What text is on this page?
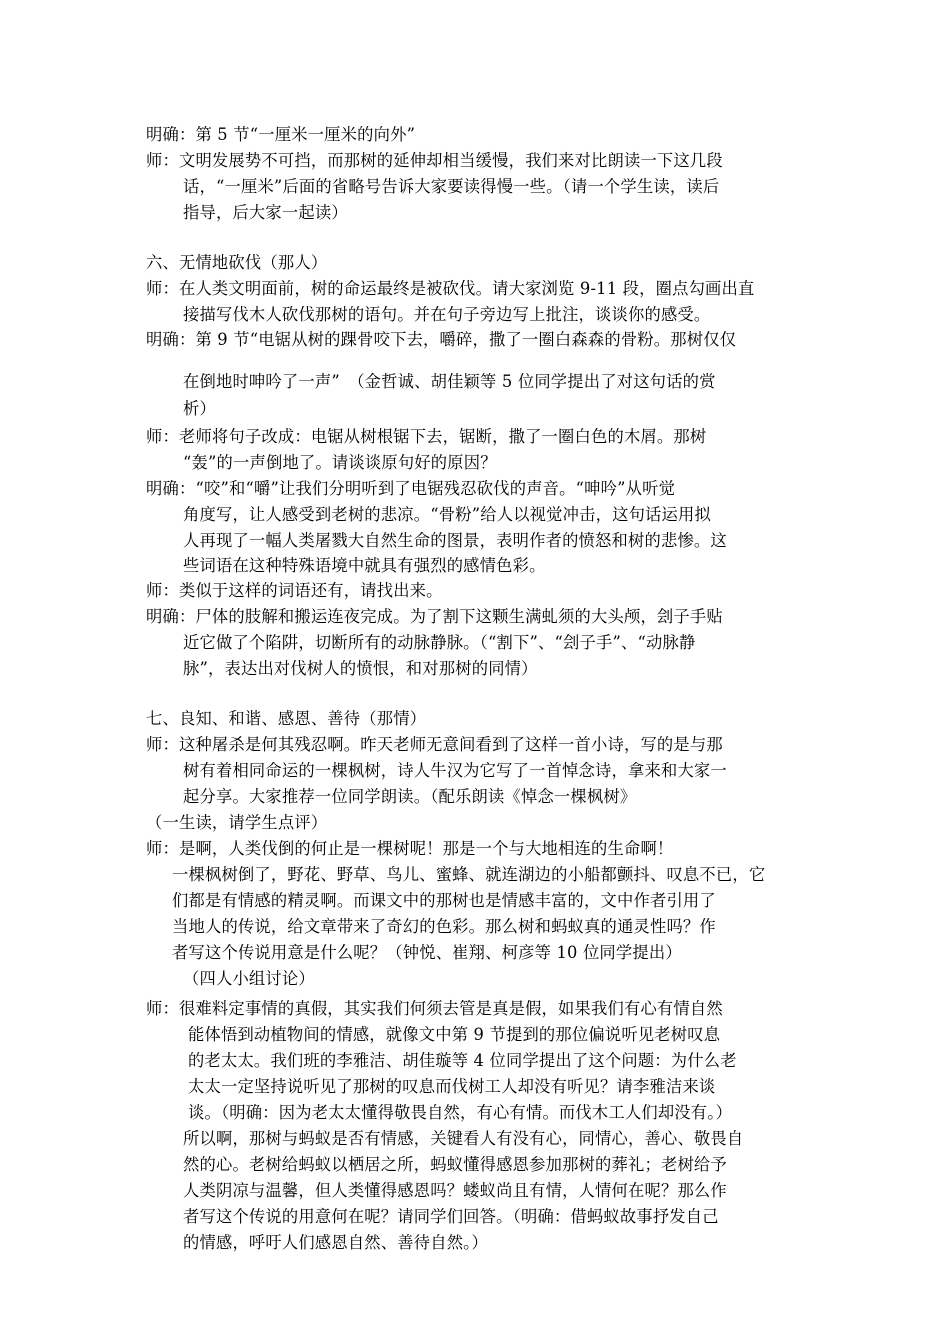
明确：第 5 节“一厘米一厘米的向外”
师：文明发展势不可挡，而那树的延伸却相当缓慢，我们来对比朗读一下这几段
话，“一厘米”后面的省略号告诉大家要读得慢一些。（请一个学生读，读后
指导，后大家一起读）
六、无情地砍伐（那人）
师：在人类文明面前，树的命运最终是被砍伐。请大家浏览 9-11 段，圈点勾画出直
接描写伐木人砍伐那树的语句。并在句子旁边写上批注，谈谈你的感受。
明确：第 9 节“电锯从树的踝骨咬下去，嚼碎，撒了一圈白森森的骨粉。那树仅仅
在倒地时呻吟了一声”　（金哲诚、胡佳颖等 5 位同学提出了对这句话的赏
析）
师：老师将句子改成：电锯从树根锯下去，锯断，撒了一圈白色的木屑。那树
“轰”的一声倒地了。请谈谈原句好的原因？
明确：“咬”和“嚼”让我们分明听到了电锯残忍砍伐的声音。“呻吟”从听觉
角度写，让人感受到老树的悲凉。“骨粉”给人以视觉冲击，这句话运用拟
人再现了一幅人类屠戮大自然生命的图景，表明作者的愤怒和树的悲惨。这
些词语在这种特殊语境中就具有强烈的感情色彩。
师：类似于这样的词语还有，请找出来。
明确：尸体的肢解和搬运连夜完成。为了割下这颗生满虬须的大头颅，刽子手贴
近它做了个陷阱，切断所有的动脉静脉。（“割下”、“刽子手”、“动脉静
脉”，表达出对伐树人的愤恨，和对那树的同情）
七、良知、和谐、感恩、善待（那情）
师：这种屠杀是何其残忍啊。昨天老师无意间看到了这样一首小诗，写的是与那
树有着相同命运的一棵枫树，诗人牛汉为它写了一首悼念诗，拿来和大家一
起分享。大家推荐一位同学朗读。（配乐朗读《悼念一棵枫树》
（一生读，请学生点评）
师：是啊，人类伐倒的何止是一棵树呢！那是一个与大地相连的生命啊！
一棵枫树倒了，野花、野草、鸟儿、蜜蜂、就连湖边的小船都颤抖、叹息不已，它
们都是有情感的精灵啊。而课文中的那树也是情感丰富的，文中作者引用了
当地人的传说，给文章带来了奇幻的色彩。那么树和蚂蚁真的通灵性吗？作
者写这个传说用意是什么呢？（钟悦、崔翔、柯彦等 10 位同学提出）
（四人小组讨论）
师：很难料定事情的真假，其实我们何须去管是真是假，如果我们有心有情自然
能体悟到动植物间的情感，就像文中第 9 节提到的那位偏说听见老树叹息
的老太太。我们班的李雅洁、胡佳璇等 4 位同学提出了这个问题：为什么老
太太一定坚持说听见了那树的叹息而伐树工人却没有听见？请李雅洁来谈
谈。（明确：因为老太太懂得敬畏自然，有心有情。而伐木工人们却没有。）
所以啊，那树与蚂蚁是否有情感，关键看人有没有心，同情心，善心、敬畏自
然的心。老树给蚂蚁以栖居之所，蚂蚁懂得感恩参加那树的葬礼；老树给予
人类阴凉与温馨，但人类懂得感恩吗？蝼蚁尚且有情，人情何在呢？那么作
者写这个传说的用意何在呢？请同学们回答。（明确：借蚂蚁故事抒发自己
的情感，呼吁人们感恩自然、善待自然。）
